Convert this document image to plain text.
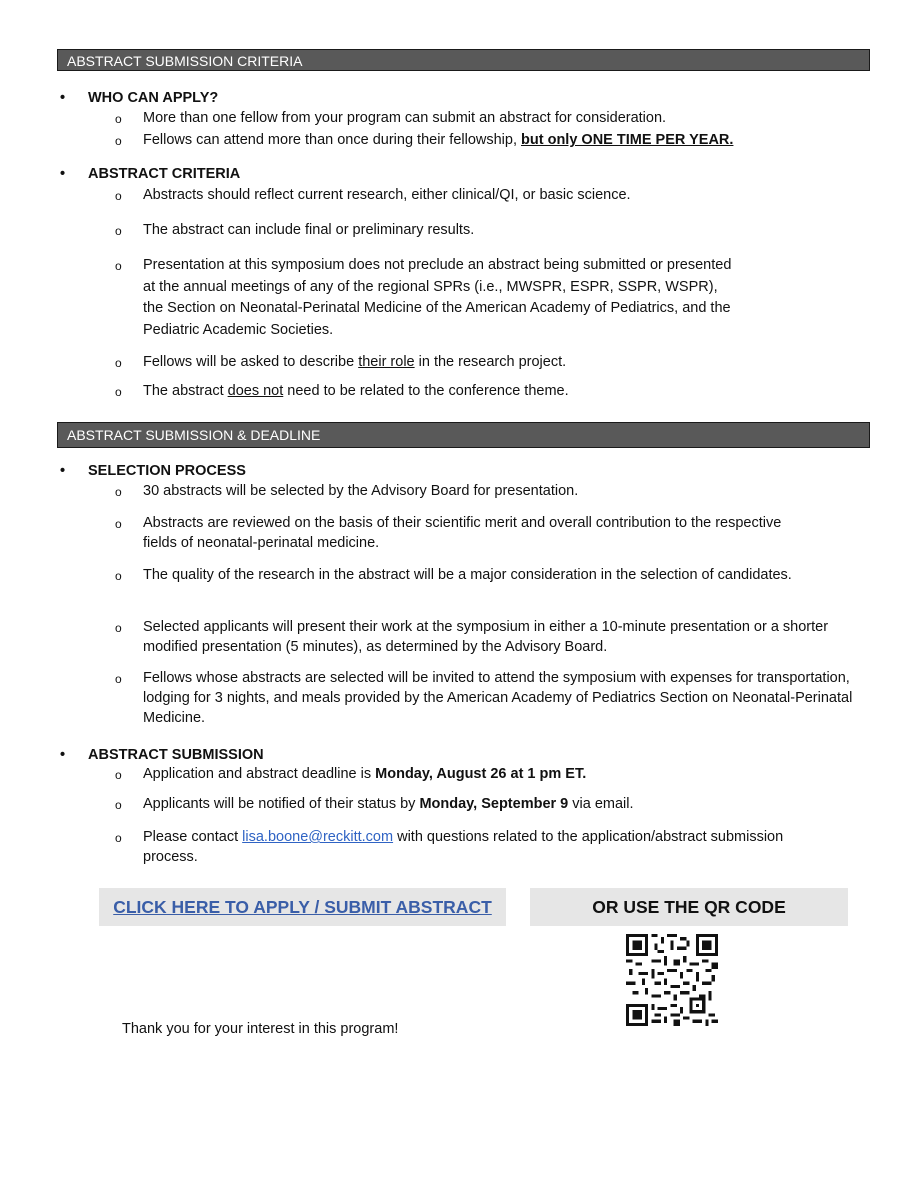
ABSTRACT SUBMISSION CRITERIA
• WHO CAN APPLY?
o	More than one fellow from your program can submit an abstract for consideration.
o	Fellows can attend more than once during their fellowship, but only ONE TIME PER YEAR.
• ABSTRACT CRITERIA
o	Abstracts should reflect current research, either clinical/QI, or basic science.
o	The abstract can include final or preliminary results.
o	Presentation at this symposium does not preclude an abstract being submitted or presented at the annual meetings of any of the regional SPRs (i.e., MWSPR, ESPR, SSPR, WSPR), the Section on Neonatal-Perinatal Medicine of the American Academy of Pediatrics, and the Pediatric Academic Societies.
o	Fellows will be asked to describe their role in the research project.
o	The abstract does not need to be related to the conference theme.
ABSTRACT SUBMISSION & DEADLINE
• SELECTION PROCESS
o	30 abstracts will be selected by the Advisory Board for presentation.
o	Abstracts are reviewed on the basis of their scientific merit and overall contribution to the respective fields of neonatal-perinatal medicine.
o	The quality of the research in the abstract will be a major consideration in the selection of candidates.
o	Selected applicants will present their work at the symposium in either a 10-minute presentation or a shorter modified presentation (5 minutes), as determined by the Advisory Board.
o	Fellows whose abstracts are selected will be invited to attend the symposium with expenses for transportation, lodging for 3 nights, and meals provided by the American Academy of Pediatrics Section on Neonatal-Perinatal Medicine.
• ABSTRACT SUBMISSION
o	Application and abstract deadline is Monday, August 26 at 1 pm ET.
o	Applicants will be notified of their status by Monday, September 9 via email.
o	Please contact lisa.boone@reckitt.com with questions related to the application/abstract submission process.
CLICK HERE TO APPLY / SUBMIT ABSTRACT	OR USE THE QR CODE
Thank you for your interest in this program!
